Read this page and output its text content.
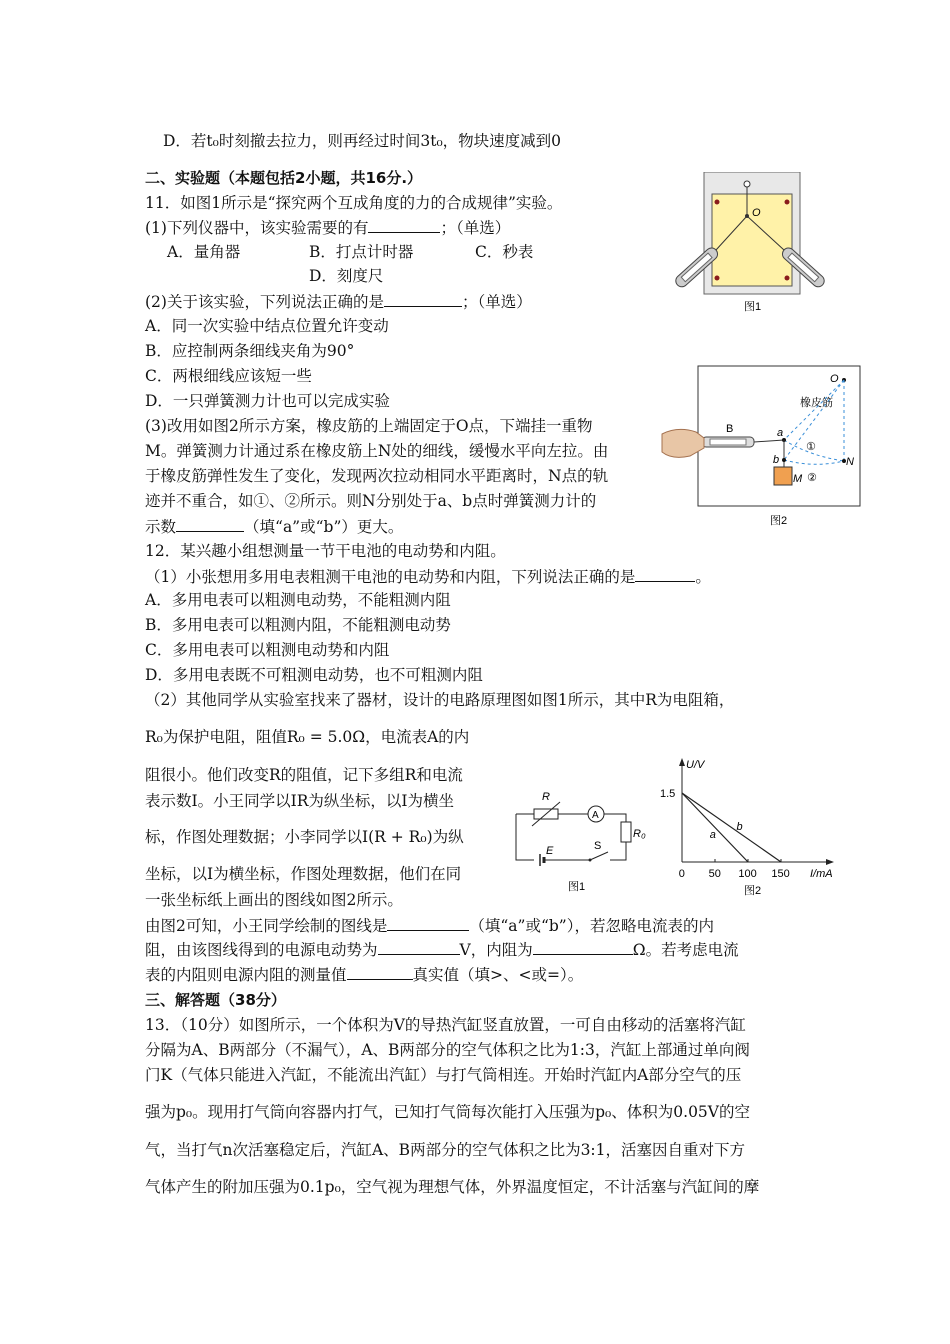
D．若t₀时刻撤去拉力，则再经过时间3t₀，物块速度减到0
二、实验题（本题包括2小题，共16分.）
11．如图1所示是“探究两个互成角度的力的合成规律”实验。
(1)下列仪器中，该实验需要的有	；（单选）
A．量角器	B．打点计时器	C．秒表
D．刻度尺
(2)关于该实验，下列说法正确的是	；（单选）
A．同一次实验中结点位置允许变动
B．应控制两条细线夹角为90°
C．两根细线应该短一些
D．一只弹簧测力计也可以完成实验
(3)改用如图2所示方案，橡皮筋的上端固定于O点，下端挂一重物
M。弹簧测力计通过系在橡皮筋上N处的细线，缓慢水平向左拉。由
于橡皮筋弹性发生了变化，发现两次拉动相同水平距离时，N点的轨
迹并不重合，如①、②所示。则N分别处于a、b点时弹簧测力计的
示数	（填“a”或“b”）更大。
O
图1
O
橡皮筋
①
②
N
a
b
M
B
图2
12．某兴趣小组想测量一节干电池的电动势和内阻。
（1）小张想用多用电表粗测干电池的电动势和内阻，下列说法正确的是	。
A．多用电表可以粗测电动势，不能粗测内阻
B．多用电表可以粗测内阻，不能粗测电动势
C．多用电表可以粗测电动势和内阻
D．多用电表既不可粗测电动势，也不可粗测内阻
（2）其他同学从实验室找来了器材，设计的电路原理图如图1所示，其中R为电阻箱，
R₀为保护电阻，阻值R₀ = 5.0Ω，电流表A的内
阻很小。他们改变R的阻值，记下多组R和电流
表示数I。小王同学以IR为纵坐标，以I为横坐
标，作图处理数据；小李同学以I(R + R₀)为纵
坐标，以I为横坐标，作图处理数据，他们在同
一张坐标纸上画出的图线如图2所示。
由图2可知，小王同学绘制的图线是	（填“a”或“b”），若忽略电流表的内
阻，由该图线得到的电源电动势为	V，内阻为	Ω。若考虑电流
表的内阻则电源内阻的测量值	真实值（填>、<或=）。
E	S
R₀
A
R
图1
U/V
I/mA
图2
0 50 100 150
1.5
a
b
三、解答题（38分）
13．（10分）如图所示，一个体积为V的导热汽缸竖直放置，一可自由移动的活塞将汽缸
分隔为A、B两部分（不漏气），A、B两部分的空气体积之比为1:3，汽缸上部通过单向阀
门K（气体只能进入汽缸，不能流出汽缸）与打气筒相连。开始时汽缸内A部分空气的压
强为p₀。现用打气筒向容器内打气，已知打气筒每次能打入压强为p₀、体积为0.05V的空
气，当打气n次活塞稳定后，汽缸A、B两部分的空气体积之比为3:1，活塞因自重对下方
气体产生的附加压强为0.1p₀，空气视为理想气体，外界温度恒定，不计活塞与汽缸间的摩
